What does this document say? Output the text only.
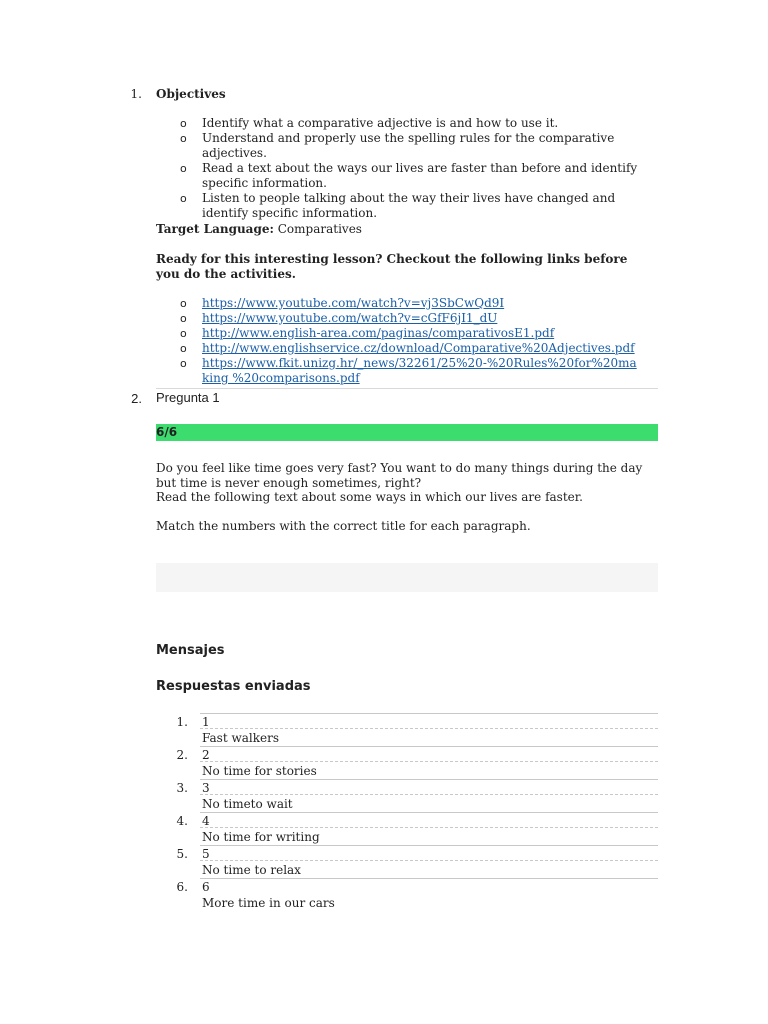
1. Objectives
o Identify what a comparative adjective is and how to use it.
o Understand and properly use the spelling rules for the comparative adjectives.
o Read a text about the ways our lives are faster than before and identify specific information.
o Listen to people talking about the way their lives have changed and identify specific information.
Target Language: Comparatives
Ready for this interesting lesson? Checkout the following links before you do the activities.
o https://www.youtube.com/watch?v=vj3SbCwQd9I
o https://www.youtube.com/watch?v=cGfF6jI1_dU
o http://www.english-area.com/paginas/comparativosE1.pdf
o http://www.englishservice.cz/download/Comparative%20Adjectives.pdf
o https://www.fkit.unizg.hr/_news/32261/25%20-%20Rules%20for%20making %20comparisons.pdf
2. Pregunta 1
6/6
Do you feel like time goes very fast? You want to do many things during the day but time is never enough sometimes, right?
Read the following text about some ways in which our lives are faster.
Match the numbers with the correct title for each paragraph.
Mensajes
Respuestas enviadas
1. 1
Fast walkers
2. 2
No time for stories
3. 3
No timeto wait
4. 4
No time for writing
5. 5
No time to relax
6. 6
More time in our cars
